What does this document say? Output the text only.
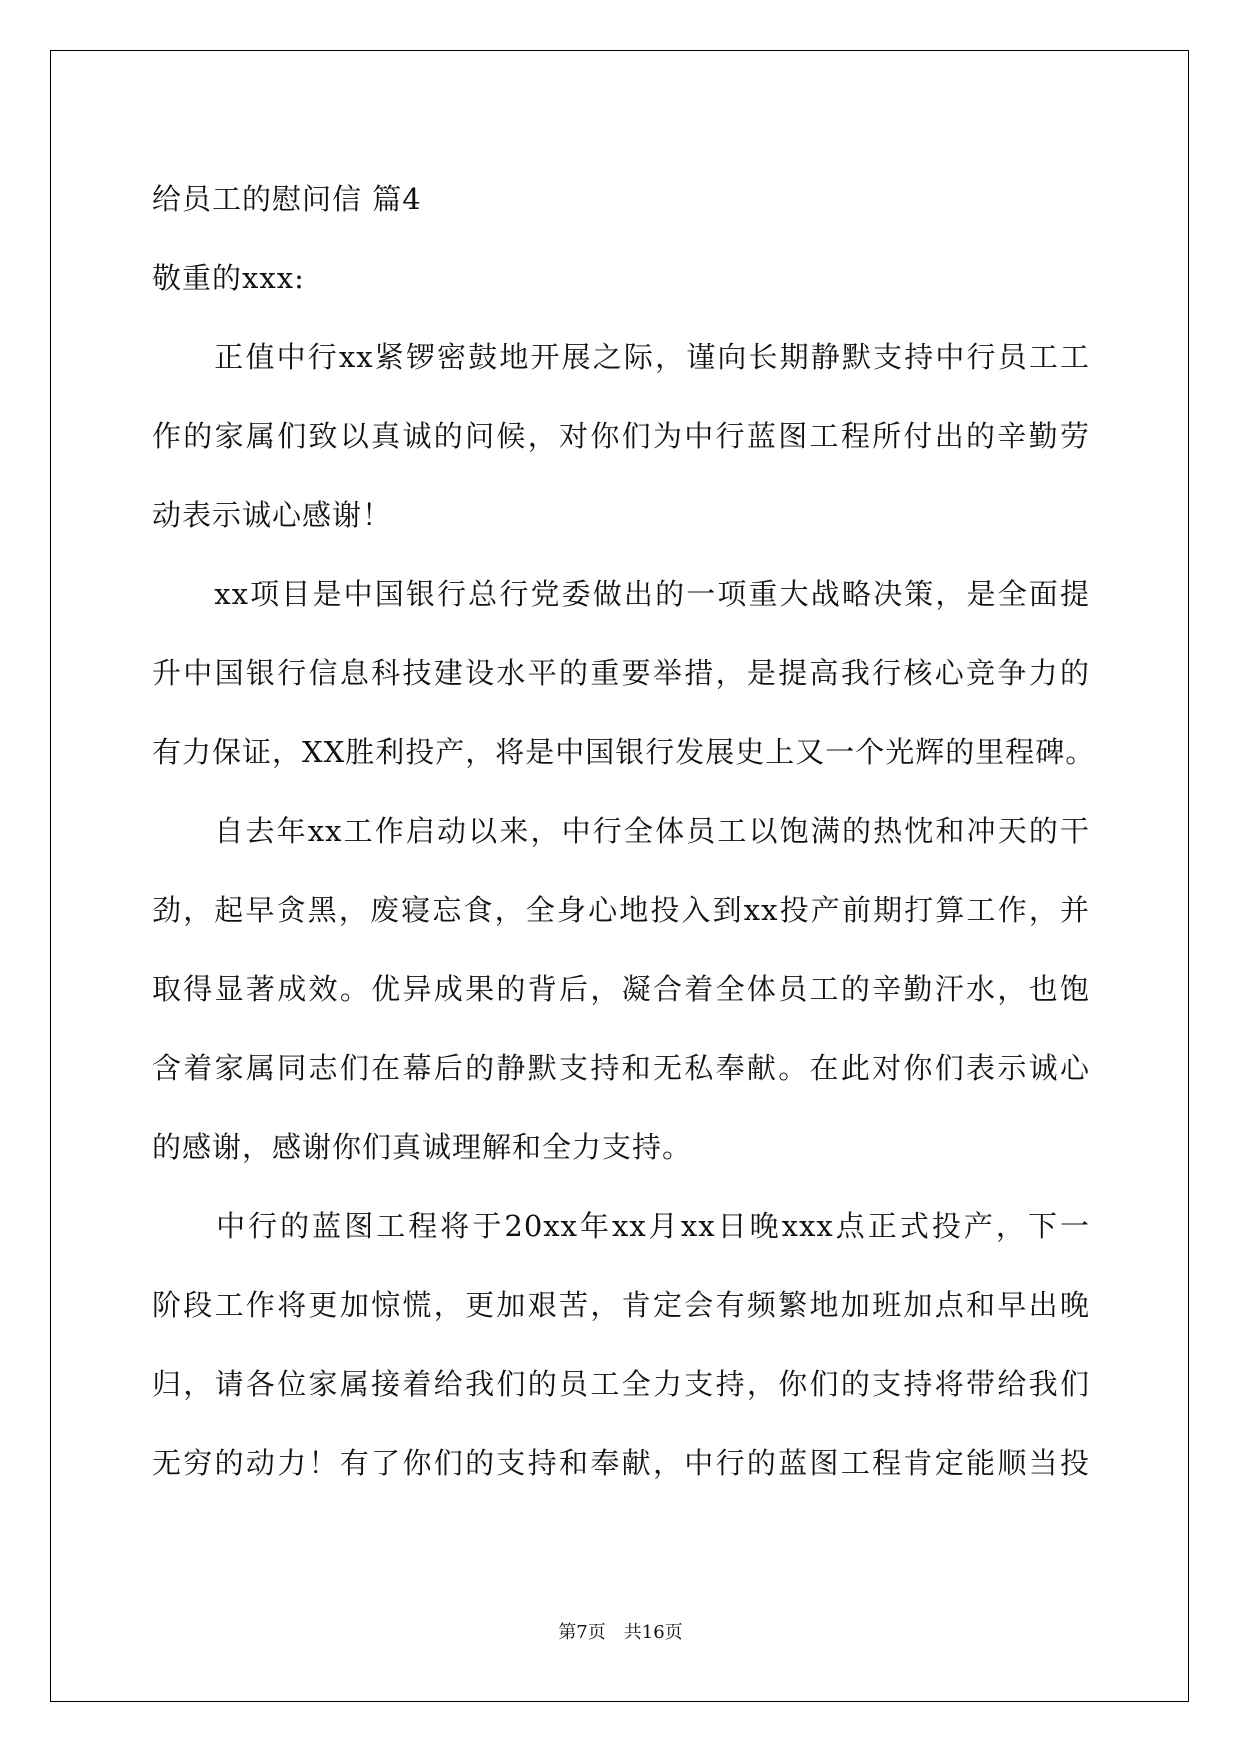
给员工的慰问信 篇4
敬重的xxx:
　　正值中行xx紧锣密鼓地开展之际，谨向长期静默支持中行员工工
作的家属们致以真诚的问候，对你们为中行蓝图工程所付出的辛勤劳
动表示诚心感谢！
　　xx项目是中国银行总行党委做出的一项重大战略决策，是全面提
升中国银行信息科技建设水平的重要举措，是提高我行核心竞争力的
有力保证，XX胜利投产，将是中国银行发展史上又一个光辉的里程碑。
　　自去年xx工作启动以来，中行全体员工以饱满的热忱和冲天的干
劲，起早贪黑，废寝忘食，全身心地投入到xx投产前期打算工作，并
取得显著成效。优异成果的背后，凝合着全体员工的辛勤汗水，也饱
含着家属同志们在幕后的静默支持和无私奉献。在此对你们表示诚心
的感谢，感谢你们真诚理解和全力支持。
　　中行的蓝图工程将于20xx年xx月xx日晚xxx点正式投产，下一
阶段工作将更加惊慌，更加艰苦，肯定会有频繁地加班加点和早出晚
归，请各位家属接着给我们的员工全力支持，你们的支持将带给我们
无穷的动力！有了你们的支持和奉献，中行的蓝图工程肯定能顺当投
第7页　共16页
